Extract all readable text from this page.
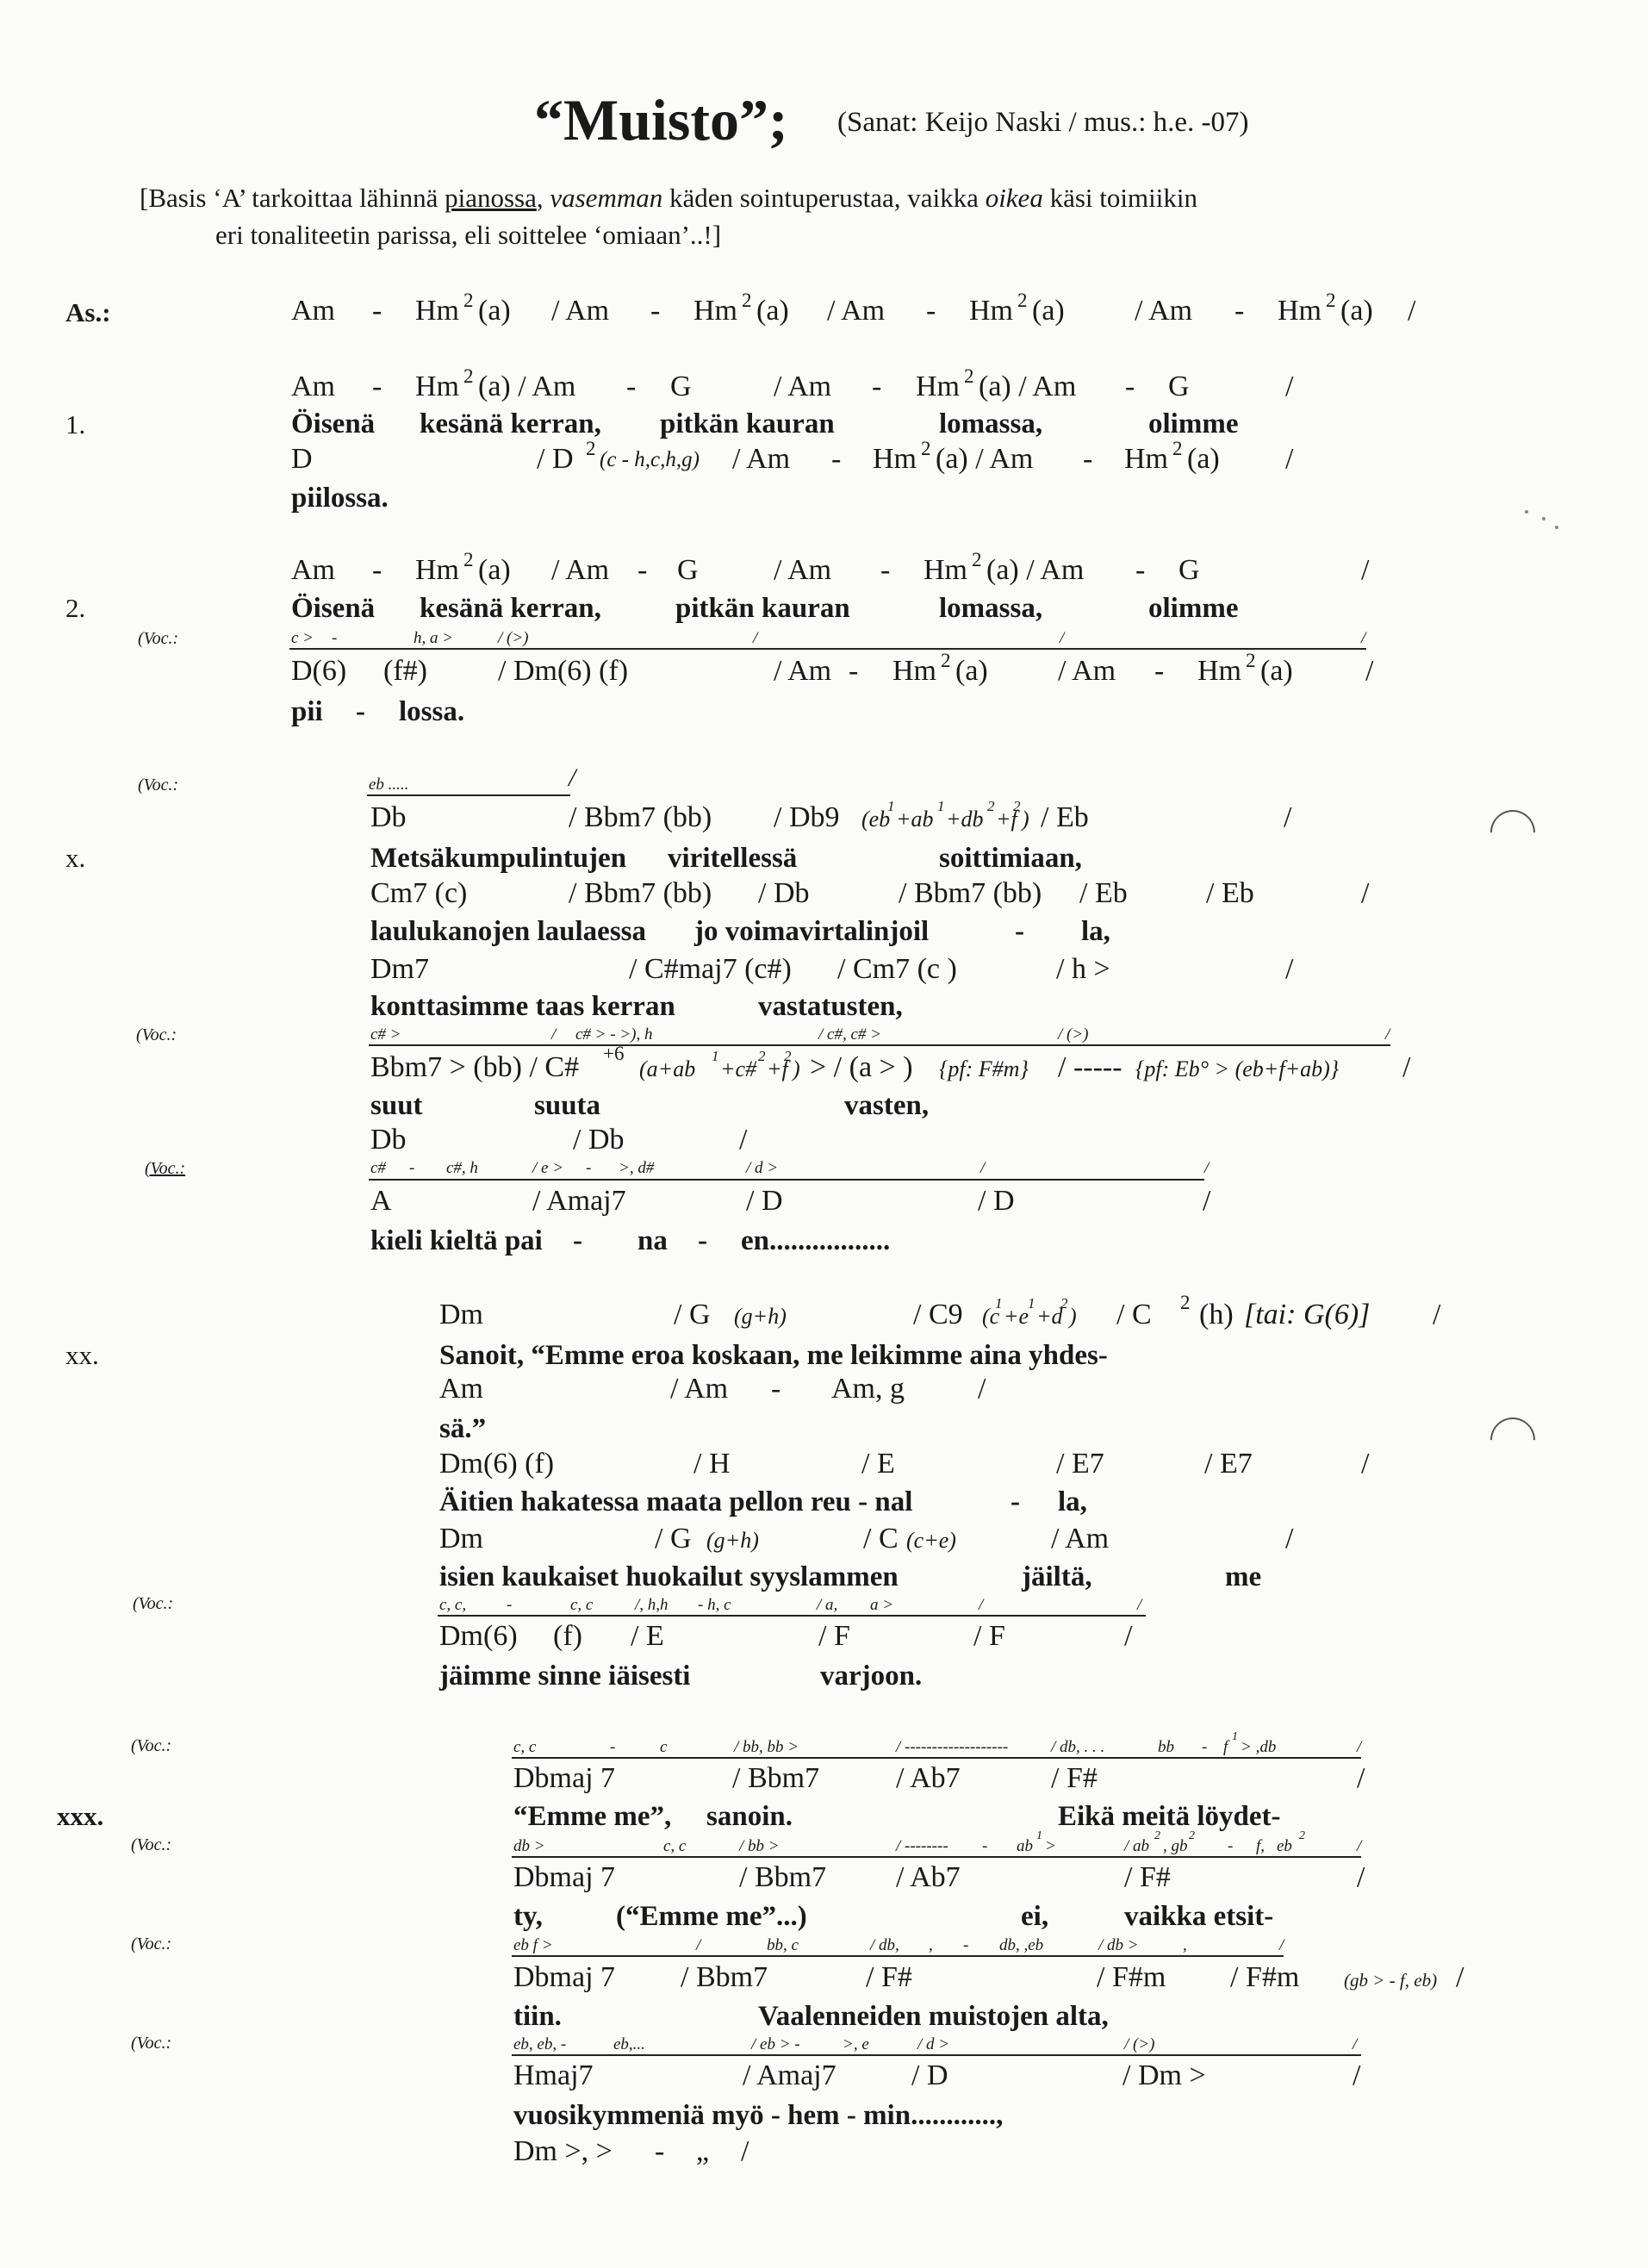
“Muisto”; (Sanat: Keijo Naski / mus.: h.e. -07)
[Basis ‘A’ tarkoittaa lähinnä pianossa, vasemman käden sointuperustaa, vaikka oikea käsi toimiikin
eri tonaliteetin parissa, eli soittelee ‘omiaan’..!]
As.:
1.
2.
x.
xx.
xxx.
(Voc.:
(Voc.:
(Voc.:
(Voc.:
(Voc.:
(Voc.:
(Voc.:
(Voc.:
(Voc.:
Am - Hm 2 (a) / Am - Hm 2 (a) / Am - Hm 2 (a) / Am - Hm 2 (a) /
Am - Hm 2 (a) / Am - G	/ Am - Hm 2 (a) / Am - G	/
Öisenä kesänä kerran, pitkän kauran	lomassa,	olimme
D	/ D 2 (c - h,c,h,g) / Am - Hm 2 (a) / Am - Hm 2 (a) /
piilossa.
Am - Hm 2 (a) / Am - G	/ Am - Hm 2 (a) / Am - G	/
Öisenä kesänä kerran,	pitkän kauran	lomassa,	olimme
c > -	h, a >	/ (>)	/	/	/
D(6) (f#) / Dm(6) (f)	/ Am - Hm 2 (a) / Am - Hm 2 (a) /
pii - lossa.
eb .....	/
Db	/ Bbm7 (bb) / Db9 (eb
1
+ab
1
+db
2
+f
2
) / Eb	/
Metsäkumpulintujen viritellessä	soittimiaan,
Cm7 (c)	/ Bbm7 (bb) / Db	/ Bbm7 (bb) / Eb	/ Eb	/
laulukanojen laulaessa jo voimavirtalinjoil	- la,
Dm7	/ C#maj7 (c#) / Cm7 (c )	/ h >	/
konttasimme taas kerran	vastatusten,
c# >	/ c# > - >), h	/ c#, c# >	/ (>)	/
Bbm7 > (bb) / C# +6
(a+ab
1
+c#
2
+f
2
) > / (a > ) {pf: F#m} / ----- {pf: Eb° > (eb+f+ab)} /
suut	suuta	vasten,
Db	/ Db	/
c# - c#, h	/ e > - >, d#	/ d >	/	/
A	/ Amaj7	/ D	/ D	/
kieli kieltä pai - na - en.................
Dm	/ G (g+h)	/ C9 (c
1
+e
1
+d
2
) / C 2 (h) [tai: G(6)] /
Sanoit, “Emme eroa koskaan, me leikimme aina yhdes-
Am	/ Am - Am, g	/
sä.”
Dm(6) (f)	/ H	/ E	/ E7	/ E7	/
Äitien hakatessa maata pellon reu - nal	- la,
Dm	/ G (g+h)	/ C (c+e)	/ Am	/
isien kaukaiset huokailut syyslammen	jäiltä,	me
c, c, -	c, c	/, h,h - h, c	/ a, a >	/	/
Dm(6) (f) / E	/ F	/ F	/
jäimme sinne iäisesti	varjoon.
c, c	-	c	/ bb, bb >	/ -------------------	/ db, . . .	bb - f
1
> ,db	/
Dbmaj 7	/ Bbm7	/ Ab7	/ F#	/
“Emme me”, sanoin.	Eikä meitä löydet-
db >	c, c	/ bb >	/ -------- - ab
1
>	/ ab
2
, gb
2
- f, eb
2
/
Dbmaj 7	/ Bbm7 / Ab7	/ F#	/
ty,	(“Emme me”...)	ei,	vaikka etsit-
eb f >	/	bb, c	/ db, , - db, ,eb	/ db >	,	/
Dbmaj 7 / Bbm7	/ F#	/ F#m / F#m (gb > - f, eb) /
tiin.	Vaalenneiden muistojen alta,
eb, eb, -	eb,...	/ eb > -	>, e	/ d >	/ (>)	/
Hmaj7	/ Amaj7	/ D	/ Dm >	/
vuosikymmeniä myö - hem - min............,
Dm >, > - „ /
